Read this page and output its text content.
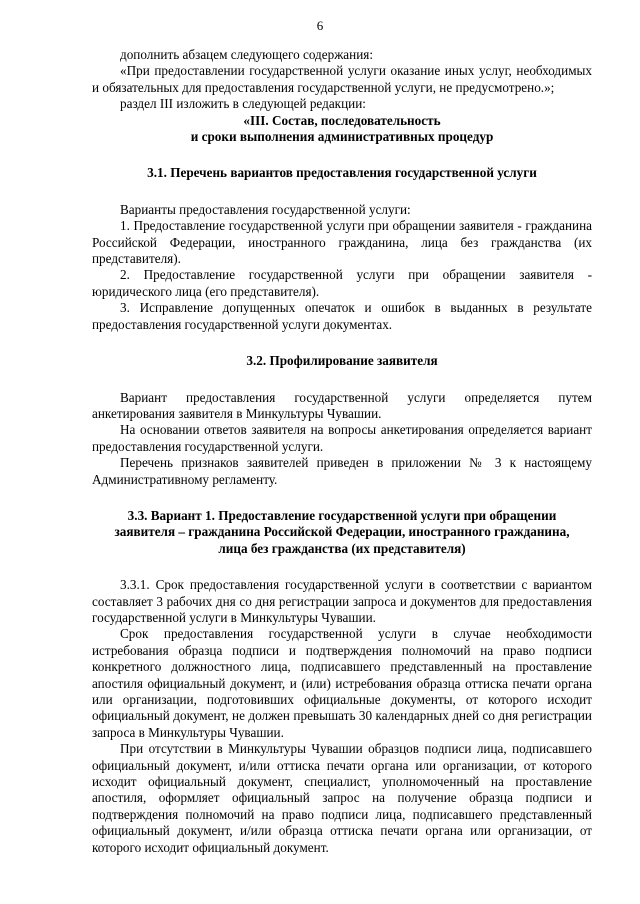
6

дополнить абзацем следующего содержания:

«При предоставлении государственной услуги оказание иных услуг, необходимых и обязательных для предоставления государственной услуги, не предусмотрено.»;

раздел III изложить в следующей редакции:

«III. Состав, последовательность
и сроки выполнения административных процедур
3.1. Перечень вариантов предоставления государственной услуги

Варианты предоставления государственной услуги:

1. Предоставление государственной услуги при обращении заявителя - гражданина Российской Федерации, иностранного гражданина, лица без гражданства (их представителя).

2. Предоставление государственной услуги при обращении заявителя - юридического лица (его представителя).

3. Исправление допущенных опечаток и ошибок в выданных в результате предоставления государственной услуги документах.

3.2. Профилирование заявителя

Вариант предоставления государственной услуги определяется путем анкетирования заявителя в Минкультуры Чувашии.

На основании ответов заявителя на вопросы анкетирования определяется вариант предоставления государственной услуги.

Перечень признаков заявителей приведен в приложении № 3 к настоящему Административному регламенту.

3.3. Вариант 1. Предоставление государственной услуги при обращении
заявителя – гражданина Российской Федерации, иностранного гражданина,
лица без гражданства (их представителя)

3.3.1. Срок предоставления государственной услуги в соответствии с вариантом составляет 3 рабочих дня со дня регистрации запроса и документов для предоставления государственной услуги в Минкультуры Чувашии.

Срок предоставления государственной услуги в случае необходимости истребования образца подписи и подтверждения полномочий на право подписи конкретного должностного лица, подписавшего представленный на проставление апостиля официальный документ, и (или) истребования образца оттиска печати органа или организации, подготовивших официальные документы, от которого исходит официальный документ, не должен превышать 30 календарных дней со дня регистрации запроса в Минкультуры Чувашии.

При отсутствии в Минкультуры Чувашии образцов подписи лица, подписавшего официальный документ, и/или оттиска печати органа или организации, от которого исходит официальный документ, специалист, уполномоченный на проставление апостиля, оформляет официальный запрос на получение образца подписи и подтверждения полномочий на право подписи лица, подписавшего представленный официальный документ, и/или образца оттиска печати органа или организации, от которого исходит официальный документ.
